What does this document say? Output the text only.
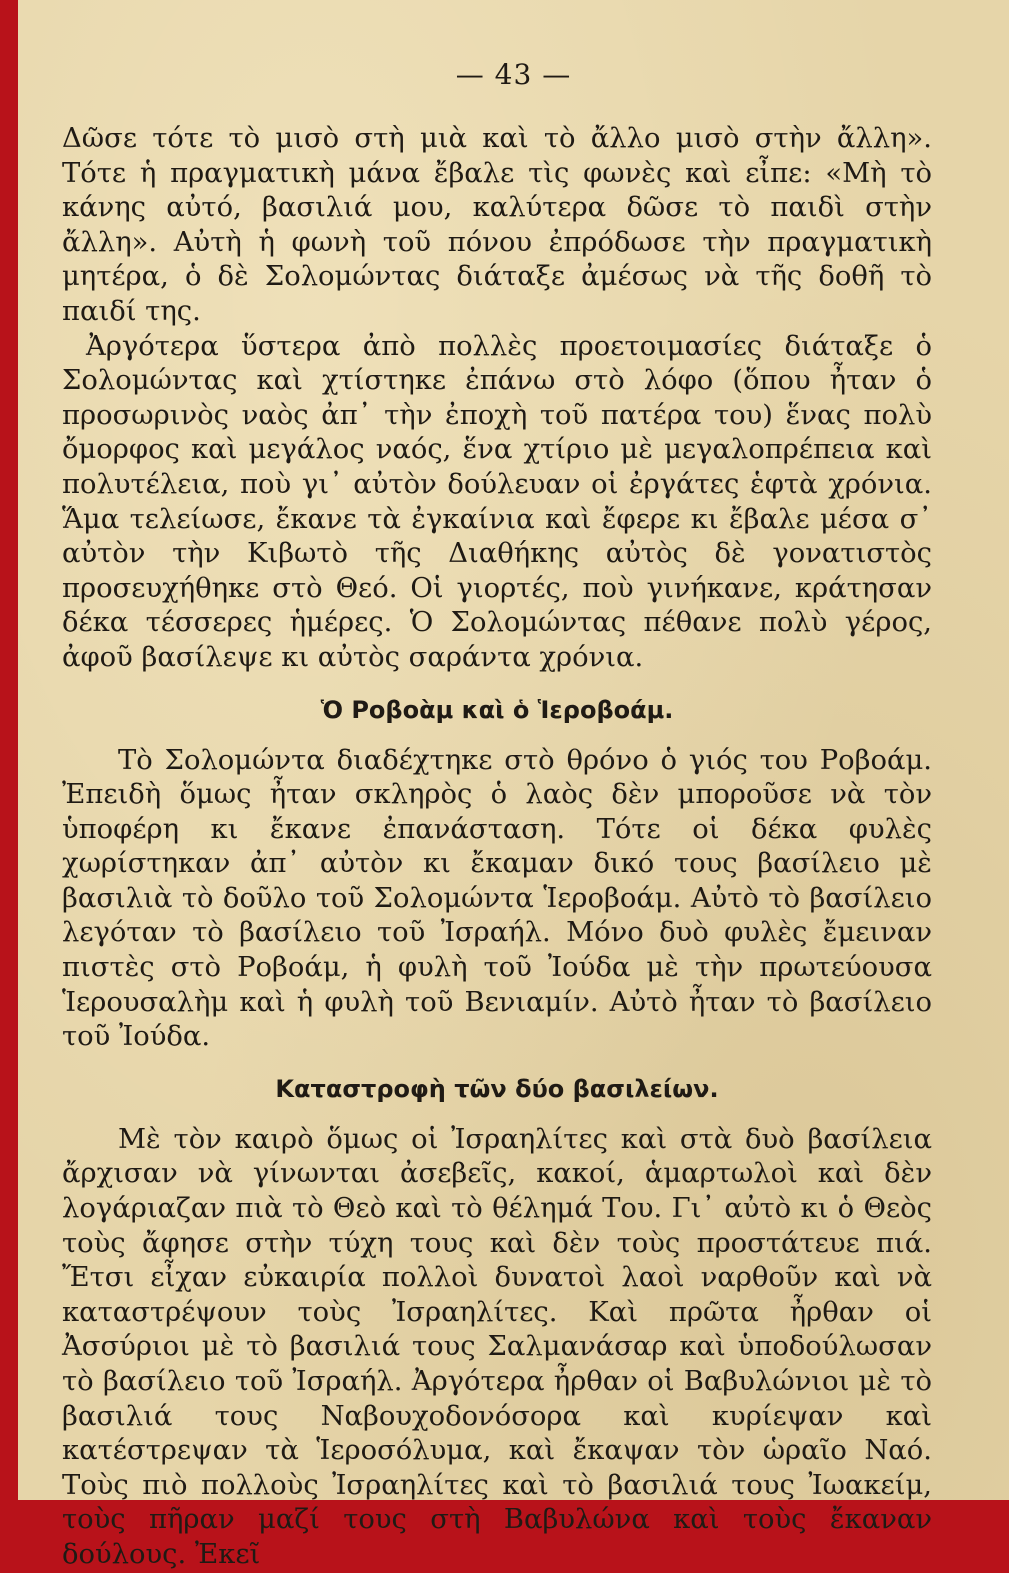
— 43 —

Δῶσε τότε τὸ μισὸ στὴ μιὰ καὶ τὸ ἄλλο μισὸ στὴν ἄλλη». Τότε ἡ πραγματικὴ μάνα ἔβαλε τὶς φωνὲς καὶ εἶπε: «Μὴ τὸ κάνης αὐτό, βασιλιά μου, καλύτερα δῶσε τὸ παιδὶ στὴν ἄλλη». Αὐτὴ ἡ φωνὴ τοῦ πόνου ἐπρόδωσε τὴν πραγματικὴ μητέρα, ὁ δὲ Σολομώντας διάταξε ἀμέσως νὰ τῆς δοθῆ τὸ παιδί της.

Ἀργότερα ὕστερα ἀπὸ πολλὲς προετοιμασίες διάταξε ὁ Σολομώντας καὶ χτίστηκε ἐπάνω στὸ λόφο (ὅπου ἦταν ὁ προσωρινὸς ναὸς ἀπ᾿ τὴν ἐποχὴ τοῦ πατέρα του) ἕνας πολὺ ὄμορφος καὶ μεγάλος ναός, ἕνα χτίριο μὲ μεγαλοπρέπεια καὶ πολυτέλεια, ποὺ γι᾿ αὐτὸν δούλευαν οἱ ἐργάτες ἑφτὰ χρόνια. Ἅμα τελείωσε, ἔκανε τὰ ἐγκαίνια καὶ ἔφερε κι ἔβαλε μέσα σ᾿ αὐτὸν τὴν Κιβωτὸ τῆς Διαθήκης αὐτὸς δὲ γονατιστὸς προσευχήθηκε στὸ Θεό. Οἱ γιορτές, ποὺ γινήκανε, κράτησαν δέκα τέσσερες ἡμέρες. Ὁ Σολομώντας πέθανε πολὺ γέρος, ἀφοῦ βασίλεψε κι αὐτὸς σαράντα χρόνια.

Ὁ Ροβοὰμ καὶ ὁ Ἱεροβοάμ.

Τὸ Σολομώντα διαδέχτηκε στὸ θρόνο ὁ γιός του Ροβοάμ. Ἐπειδὴ ὅμως ἦταν σκληρὸς ὁ λαὸς δὲν μποροῦσε νὰ τὸν ὑποφέρη κι ἔκανε ἐπανάσταση. Τότε οἱ δέκα φυλὲς χωρίστηκαν ἀπ᾿ αὐτὸν κι ἔκαμαν δικό τους βασίλειο μὲ βασιλιὰ τὸ δοῦλο τοῦ Σολομώντα Ἱεροβοάμ. Αὐτὸ τὸ βασίλειο λεγόταν τὸ βασίλειο τοῦ Ἰσραήλ. Μόνο δυὸ φυλὲς ἔμειναν πιστὲς στὸ Ροβοάμ, ἡ φυλὴ τοῦ Ἰούδα μὲ τὴν πρωτεύουσα Ἱερουσαλὴμ καὶ ἡ φυλὴ τοῦ Βενιαμίν. Αὐτὸ ἦταν τὸ βασίλειο τοῦ Ἰούδα.

Καταστροφὴ τῶν δύο βασιλείων.

Μὲ τὸν καιρὸ ὅμως οἱ Ἰσραηλίτες καὶ στὰ δυὸ βασίλεια ἄρχισαν νὰ γίνωνται ἀσεβεῖς, κακοί, ἁμαρτωλοὶ καὶ δὲν λογάριαζαν πιὰ τὸ Θεὸ καὶ τὸ θέλημά Του. Γι᾿ αὐτὸ κι ὁ Θεὸς τοὺς ἄφησε στὴν τύχη τους καὶ δὲν τοὺς προστάτευε πιά. Ἔτσι εἶχαν εὐκαιρία πολλοὶ δυνατοὶ λαοὶ ναρθοῦν καὶ νὰ καταστρέψουν τοὺς Ἰσραηλίτες. Καὶ πρῶτα ἦρθαν οἱ Ἀσσύριοι μὲ τὸ βασιλιά τους Σαλμανάσαρ καὶ ὑποδούλωσαν τὸ βασίλειο τοῦ Ἰσραήλ. Ἀργότερα ἦρθαν οἱ Βαβυλώνιοι μὲ τὸ βασιλιά τους Ναβουχοδονόσορα καὶ κυρίεψαν καὶ κατέστρεψαν τὰ Ἱεροσόλυμα, καὶ ἔκαψαν τὸν ὡραῖο Ναό. Τοὺς πιὸ πολλοὺς Ἰσραηλίτες καὶ τὸ βασιλιά τους Ἰωακείμ, τοὺς πῆραν μαζί τους στὴ Βαβυλώνα καὶ τοὺς ἔκαναν δούλους. Ἐκεῖ
